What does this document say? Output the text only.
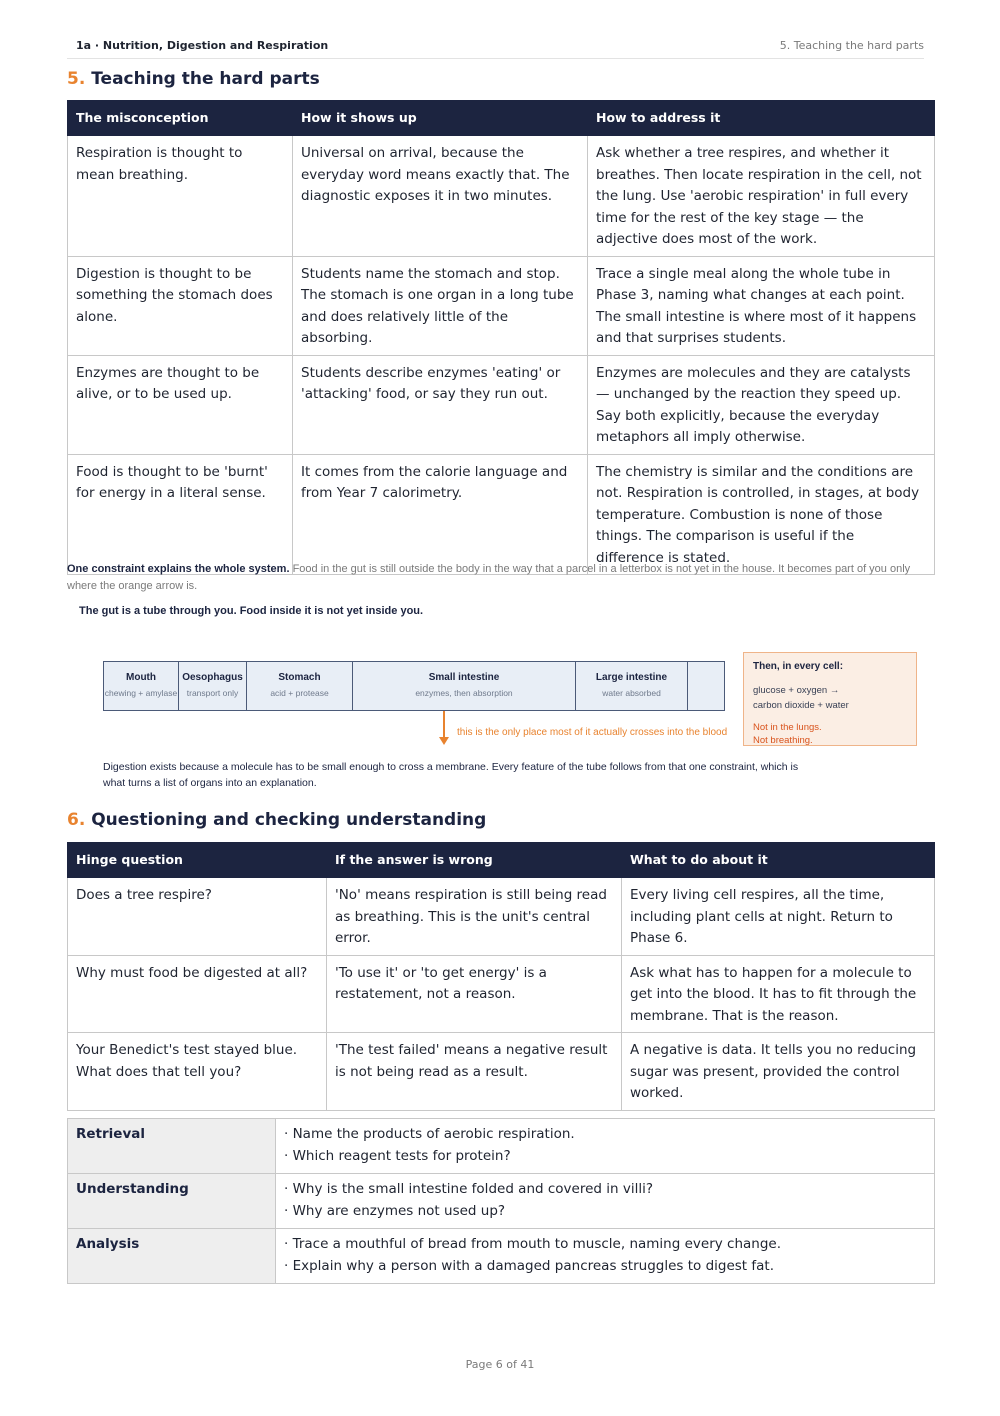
1a · Nutrition, Digestion and Respiration	5. Teaching the hard parts
5. Teaching the hard parts
The misconception	How it shows up	How to address it
Respiration is thought to mean breathing.	Universal on arrival, because the everyday word means exactly that. The diagnostic exposes it in two minutes.	Ask whether a tree respires, and whether it breathes. Then locate respiration in the cell, not the lung. Use 'aerobic respiration' in full every time for the rest of the key stage — the adjective does most of the work.
Digestion is thought to be something the stomach does alone.	Students name the stomach and stop. The stomach is one organ in a long tube and does relatively little of the absorbing.	Trace a single meal along the whole tube in Phase 3, naming what changes at each point. The small intestine is where most of it happens and that surprises students.
Enzymes are thought to be alive, or to be used up.	Students describe enzymes 'eating' or 'attacking' food, or say they run out.	Enzymes are molecules and they are catalysts — unchanged by the reaction they speed up. Say both explicitly, because the everyday metaphors all imply otherwise.
Food is thought to be 'burnt' for energy in a literal sense.	It comes from the calorie language and from Year 7 calorimetry.	The chemistry is similar and the conditions are not. Respiration is controlled, in stages, at body temperature. Combustion is none of those things. The comparison is useful if the difference is stated.
One constraint explains the whole system. Food in the gut is still outside the body in the way that a parcel in a letterbox is not yet in the house. It becomes part of you only where the orange arrow is.
The gut is a tube through you. Food inside it is not yet inside you.
Mouth
chewing + amylase
Oesophagus
transport only
Stomach
acid + protease
Small intestine
enzymes, then absorption
Large intestine
water absorbed
this is the only place most of it actually crosses into the blood
Then, in every cell:
glucose + oxygen →
carbon dioxide + water
Not in the lungs.
Not breathing.
Digestion exists because a molecule has to be small enough to cross a membrane. Every feature of the tube follows from that one constraint, which is what turns a list of organs into an explanation.
6. Questioning and checking understanding
Hinge question	If the answer is wrong	What to do about it
Does a tree respire?	'No' means respiration is still being read as breathing. This is the unit's central error.	Every living cell respires, all the time, including plant cells at night. Return to Phase 6.
Why must food be digested at all?	'To use it' or 'to get energy' is a restatement, not a reason.	Ask what has to happen for a molecule to get into the blood. It has to fit through the membrane. That is the reason.
Your Benedict's test stayed blue. What does that tell you?	'The test failed' means a negative result is not being read as a result.	A negative is data. It tells you no reducing sugar was present, provided the control worked.
Retrieval	· Name the products of aerobic respiration.
· Which reagent tests for protein?

Understanding	· Why is the small intestine folded and covered in villi?
· Why are enzymes not used up?

Analysis	· Trace a mouthful of bread from mouth to muscle, naming every change.
· Explain why a person with a damaged pancreas struggles to digest fat.
Page 6 of 41
